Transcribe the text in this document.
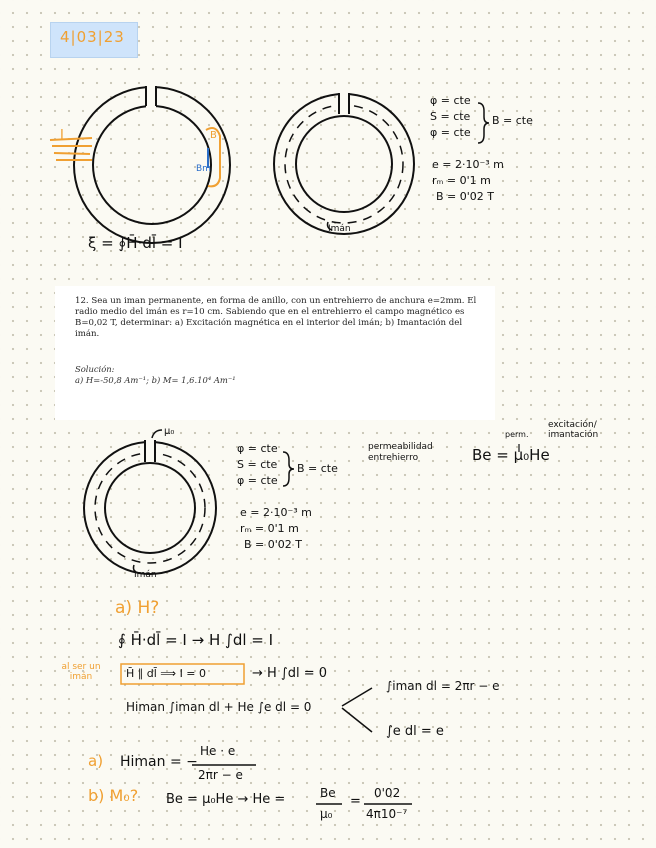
4|03|23
I	B
Bm
ξ = ∮H̄·dl̄ = I
Imán
φ = cte
S = cte
φ = cte
B = cte
e = 2·10⁻³ m
rₘ = 0'1 m
B = 0'02 T
12. Sea un iman permanente, en forma de anillo, con un entrehierro de anchura e=2mm. El radio medio del imán es r=10 cm. Sabiendo que en el entrehierro el campo magnético es B=0,02 T, determinar: a) Excitación magnética en el interior del imán; b) Imantación del imán.
Solución:
a) H=-50,8 Am⁻¹; b) M= 1,6.10⁴ Am⁻¹
μ₀
Imán
φ = cte
S = cte
φ = cte
B = cte
e = 2·10⁻³ m
rₘ = 0'1 m
B = 0'02 T
permeabilidad entrehierro	Be = μ₀He
perm.
excitación/ imantación
a) H?
∮ H̄·dl̄ = I → H ∫dl = I
al ser un imán	H̄ ∥ dl̄ ⟹ I = 0	→ H ∫dl = 0
Himan ∫iman dl + He ∫e dl = 0
∫iman dl = 2πr − e
∫e dl = e
a) Himan = −
He · e
2πr − e
b) M₀? Be = μ₀He → He =	Be
μ₀
=
0'02
4π10⁻⁷
